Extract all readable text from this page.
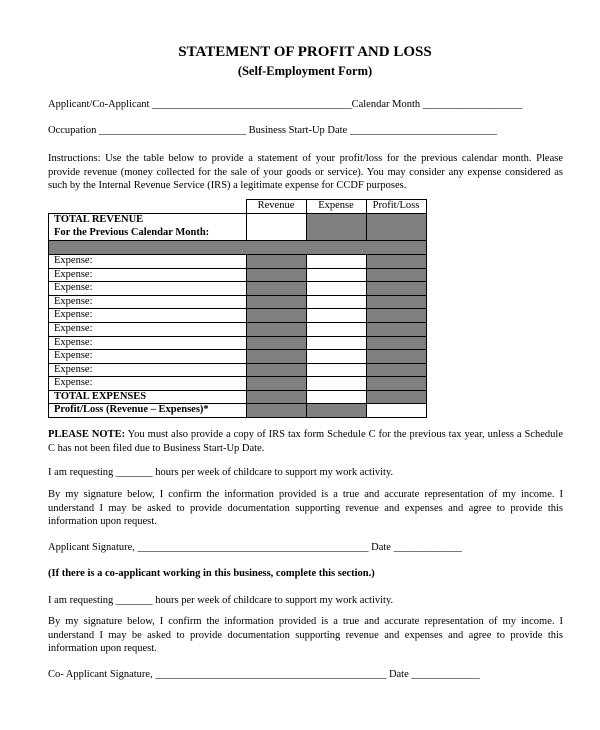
STATEMENT OF PROFIT AND LOSS
(Self-Employment Form)
Applicant/Co-Applicant ______________________________________Calendar Month ___________________
Occupation ____________________________ Business Start-Up Date ____________________________
Instructions: Use the table below to provide a statement of your profit/loss for the previous calendar month. Please provide revenue (money collected for the sale of your goods or service). You may consider any expense considered as such by the Internal Revenue Service (IRS) a legitimate expense for CCDF purposes.
Revenue	Expense	Profit/Loss
TOTAL REVENUE
For the Previous Calendar Month:
Expense:
Expense:
Expense:
Expense:
Expense:
Expense:
Expense:
Expense:
Expense:
Expense:
TOTAL EXPENSES
Profit/Loss (Revenue – Expenses)*
PLEASE NOTE: You must also provide a copy of IRS tax form Schedule C for the previous tax year, unless a Schedule C has not been filed due to Business Start-Up Date.
I am requesting _______ hours per week of childcare to support my work activity.
By my signature below, I confirm the information provided is a true and accurate representation of my income. I understand I may be asked to provide documentation supporting revenue and expenses and agree to provide this information upon request.
Applicant Signature, ____________________________________________ Date _____________
(If there is a co-applicant working in this business, complete this section.)
I am requesting _______ hours per week of childcare to support my work activity.
By my signature below, I confirm the information provided is a true and accurate representation of my income. I understand I may be asked to provide documentation supporting revenue and expenses and agree to provide this information upon request.
Co- Applicant Signature, ____________________________________________ Date _____________
